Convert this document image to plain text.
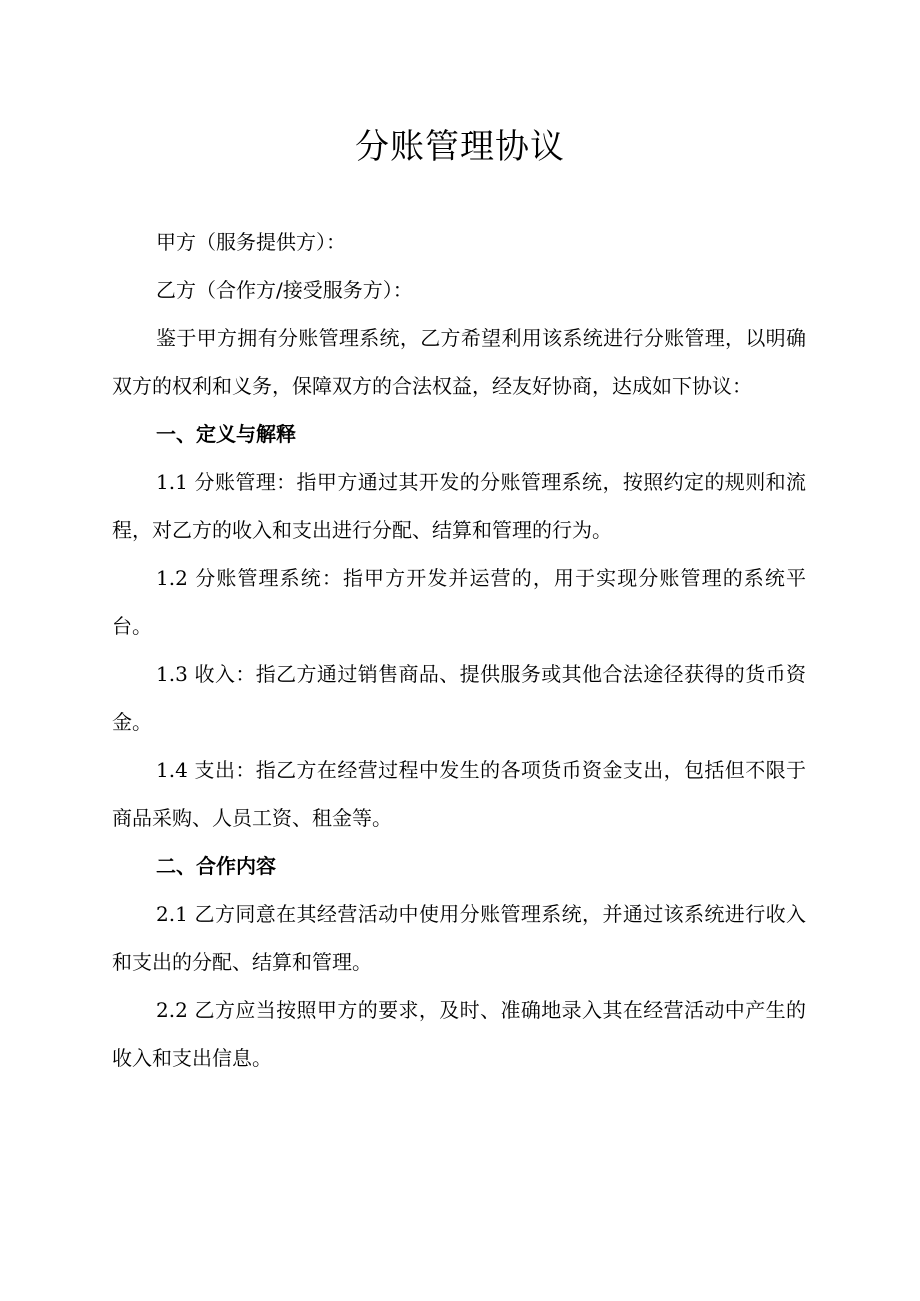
分账管理协议

甲方（服务提供方）：

乙方（合作方/接受服务方）：

鉴于甲方拥有分账管理系统，乙方希望利用该系统进行分账管理，以明确双方的权利和义务，保障双方的合法权益，经友好协商，达成如下协议：

一、定义与解释

1.1 分账管理：指甲方通过其开发的分账管理系统，按照约定的规则和流程，对乙方的收入和支出进行分配、结算和管理的行为。

1.2 分账管理系统：指甲方开发并运营的，用于实现分账管理的系统平台。

1.3 收入：指乙方通过销售商品、提供服务或其他合法途径获得的货币资金。

1.4 支出：指乙方在经营过程中发生的各项货币资金支出，包括但不限于商品采购、人员工资、租金等。

二、合作内容

2.1 乙方同意在其经营活动中使用分账管理系统，并通过该系统进行收入和支出的分配、结算和管理。

2.2 乙方应当按照甲方的要求，及时、准确地录入其在经营活动中产生的收入和支出信息。
